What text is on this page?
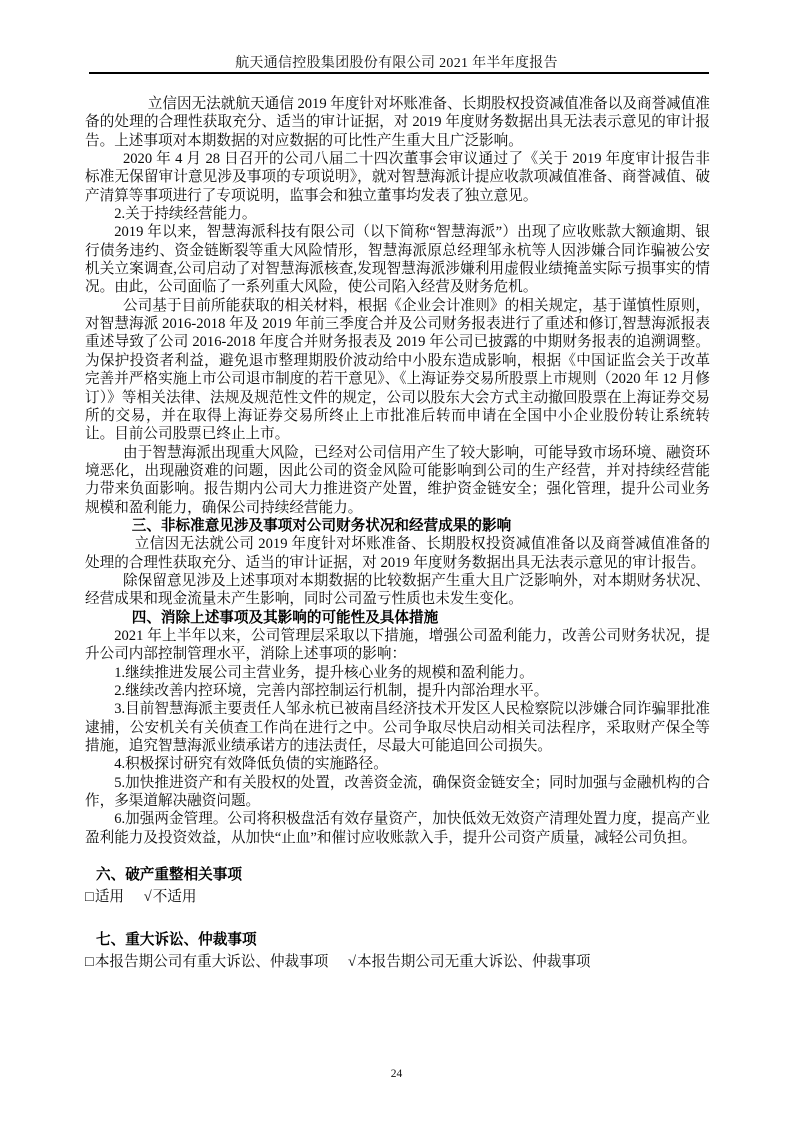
航天通信控股集团股份有限公司 2021 年半年度报告

立信因无法就航天通信 2019 年度针对坏账准备、长期股权投资减值准备以及商誉减值准备的处理的合理性获取充分、适当的审计证据，对 2019 年度财务数据出具无法表示意见的审计报告。上述事项对本期数据的对应数据的可比性产生重大且广泛影响。

2020 年 4 月 28 日召开的公司八届二十四次董事会审议通过了《关于 2019 年度审计报告非标准无保留审计意见涉及事项的专项说明》，就对智慧海派计提应收款项减值准备、商誉减值、破产清算等事项进行了专项说明，监事会和独立董事均发表了独立意见。

2.关于持续经营能力。

2019 年以来，智慧海派科技有限公司（以下简称“智慧海派”）出现了应收账款大额逾期、银行债务违约、资金链断裂等重大风险情形，智慧海派原总经理邹永杭等人因涉嫌合同诈骗被公安机关立案调查,公司启动了对智慧海派核查,发现智慧海派涉嫌利用虚假业绩掩盖实际亏损事实的情况。由此，公司面临了一系列重大风险，使公司陷入经营及财务危机。

公司基于目前所能获取的相关材料，根据《企业会计准则》的相关规定，基于谨慎性原则，对智慧海派 2016-2018 年及 2019 年前三季度合并及公司财务报表进行了重述和修订,智慧海派报表重述导致了公司 2016-2018 年度合并财务报表及 2019 年公司已披露的中期财务报表的追溯调整。为保护投资者利益，避免退市整理期股价波动给中小股东造成影响，根据《中国证监会关于改革完善并严格实施上市公司退市制度的若干意见》、《上海证券交易所股票上市规则（2020 年 12 月修订）》等相关法律、法规及规范性文件的规定，公司以股东大会方式主动撤回股票在上海证券交易所的交易，并在取得上海证券交易所终止上市批准后转而申请在全国中小企业股份转让系统转让。目前公司股票已终止上市。

由于智慧海派出现重大风险，已经对公司信用产生了较大影响，可能导致市场环境、融资环境恶化，出现融资难的问题，因此公司的资金风险可能影响到公司的生产经营，并对持续经营能力带来负面影响。报告期内公司大力推进资产处置，维护资金链安全；强化管理，提升公司业务规模和盈利能力，确保公司持续经营能力。

三、非标准意见涉及事项对公司财务状况和经营成果的影响

立信因无法就公司 2019 年度针对坏账准备、长期股权投资减值准备以及商誉减值准备的处理的合理性获取充分、适当的审计证据，对 2019 年度财务数据出具无法表示意见的审计报告。

除保留意见涉及上述事项对本期数据的比较数据产生重大且广泛影响外，对本期财务状况、经营成果和现金流量未产生影响，同时公司盈亏性质也未发生变化。

四、消除上述事项及其影响的可能性及具体措施

2021 年上半年以来，公司管理层采取以下措施，增强公司盈利能力，改善公司财务状况，提升公司内部控制管理水平，消除上述事项的影响：

1.继续推进发展公司主营业务，提升核心业务的规模和盈利能力。

2.继续改善内控环境，完善内部控制运行机制，提升内部治理水平。

3.目前智慧海派主要责任人邹永杭已被南昌经济技术开发区人民检察院以涉嫌合同诈骗罪批准逮捕，公安机关有关侦查工作尚在进行之中。公司争取尽快启动相关司法程序，采取财产保全等措施，追究智慧海派业绩承诺方的违法责任，尽最大可能追回公司损失。

4.积极探讨研究有效降低负债的实施路径。

5.加快推进资产和有关股权的处置，改善资金流，确保资金链安全；同时加强与金融机构的合作，多渠道解决融资问题。

6.加强两金管理。公司将积极盘活有效存量资产，加快低效无效资产清理处置力度，提高产业盈利能力及投资效益，从加快“止血”和催讨应收账款入手，提升公司资产质量，减轻公司负担。

六、破产重整相关事项
□适用 √不适用
七、重大诉讼、仲裁事项
□本报告期公司有重大诉讼、仲裁事项 √本报告期公司无重大诉讼、仲裁事项
24
